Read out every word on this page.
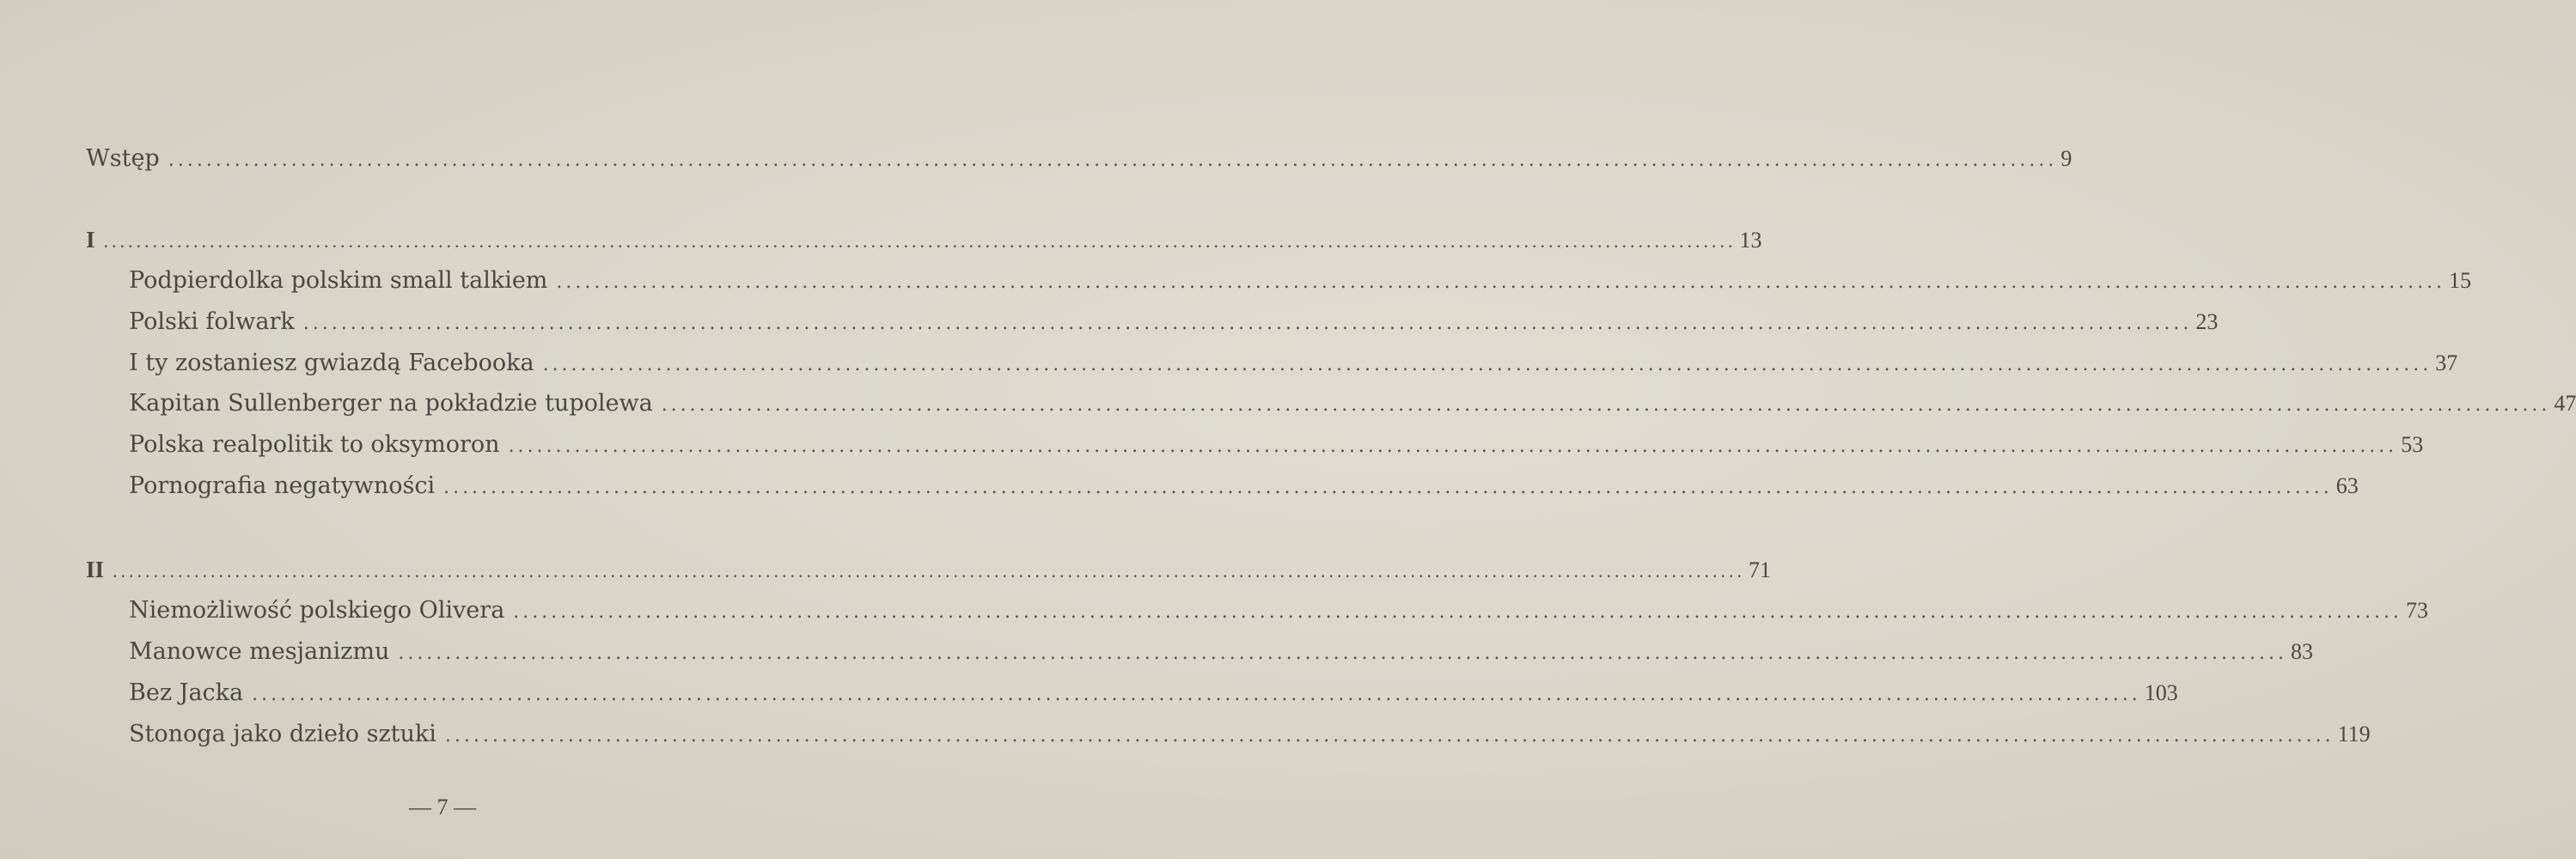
Wstęp ........................................................................................................................................................................................................ 9
I ........................................................................................................................................................................................................ 13
Podpierdolka polskim small talkiem ........................................................................................................................................................................................................ 15
Polski folwark ........................................................................................................................................................................................................ 23
I ty zostaniesz gwiazdą Facebooka ........................................................................................................................................................................................................ 37
Kapitan Sullenberger na pokładzie tupolewa ........................................................................................................................................................................................................ 47
Polska realpolitik to oksymoron ........................................................................................................................................................................................................ 53
Pornografia negatywności ........................................................................................................................................................................................................ 63
II ........................................................................................................................................................................................................ 71
Niemożliwość polskiego Olivera ........................................................................................................................................................................................................ 73
Manowce mesjanizmu ........................................................................................................................................................................................................ 83
Bez Jacka ........................................................................................................................................................................................................ 103
Stonoga jako dzieło sztuki ........................................................................................................................................................................................................ 119
— 7 —
